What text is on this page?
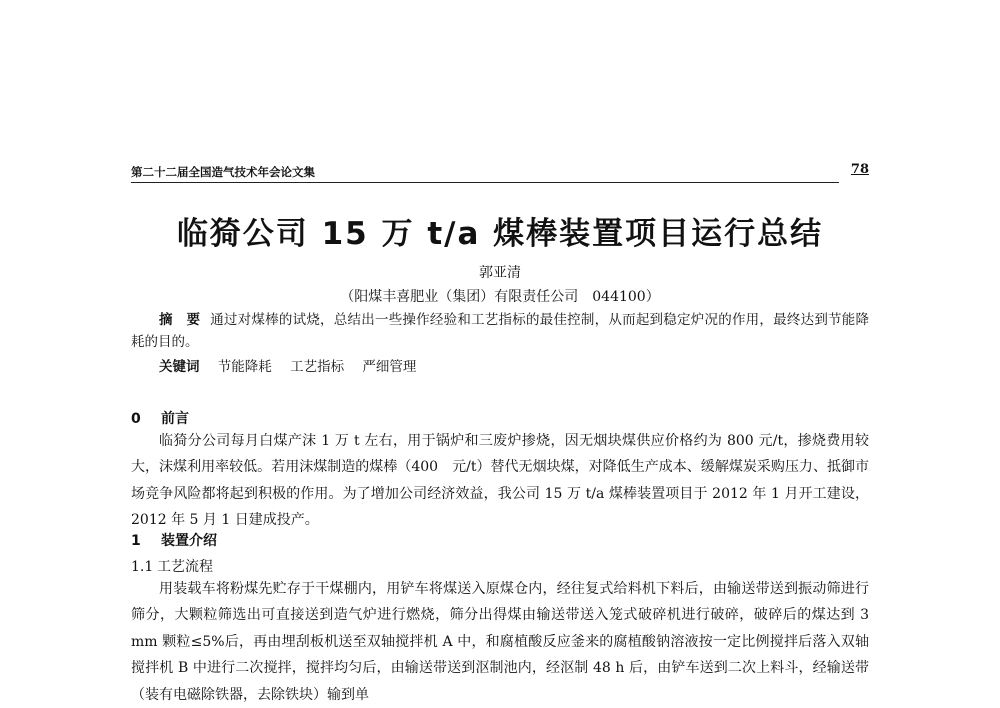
第二十二届全国造气技术年会论文集	78
临猗公司 15 万 t/a 煤棒装置项目运行总结
郭亚清
（阳煤丰喜肥业（集团）有限责任公司　044100）
摘　要 通过对煤棒的试烧，总结出一些操作经验和工艺指标的最佳控制，从而起到稳定炉况的作用，最终达到节能降耗的目的。
关键词 节能降耗 工艺指标 严细管理
0 前言
临猗分公司每月白煤产沫 1 万 t 左右，用于锅炉和三废炉掺烧，因无烟块煤供应价格约为 800 元/t，掺烧费用较大，沫煤利用率较低。若用沫煤制造的煤棒（400　元/t）替代无烟块煤，对降低生产成本、缓解煤炭采购压力、抵御市场竞争风险都将起到积极的作用。为了增加公司经济效益，我公司 15 万 t/a 煤棒装置项目于 2012 年 1 月开工建设，2012 年 5 月 1 日建成投产。
1 装置介绍
1.1 工艺流程
用装载车将粉煤先贮存于干煤棚内，用铲车将煤送入原煤仓内，经往复式给料机下料后，由输送带送到振动筛进行筛分，大颗粒筛选出可直接送到造气炉进行燃烧，筛分出得煤由输送带送入笼式破碎机进行破碎，破碎后的煤达到 3 mm 颗粒≤5%后，再由埋刮板机送至双轴搅拌机 A 中，和腐植酸反应釜来的腐植酸钠溶液按一定比例搅拌后落入双轴搅拌机 B 中进行二次搅拌，搅拌均匀后，由输送带送到沤制池内，经沤制 48 h 后，由铲车送到二次上料斗，经输送带（装有电磁除铁器，去除铁块）输到单
